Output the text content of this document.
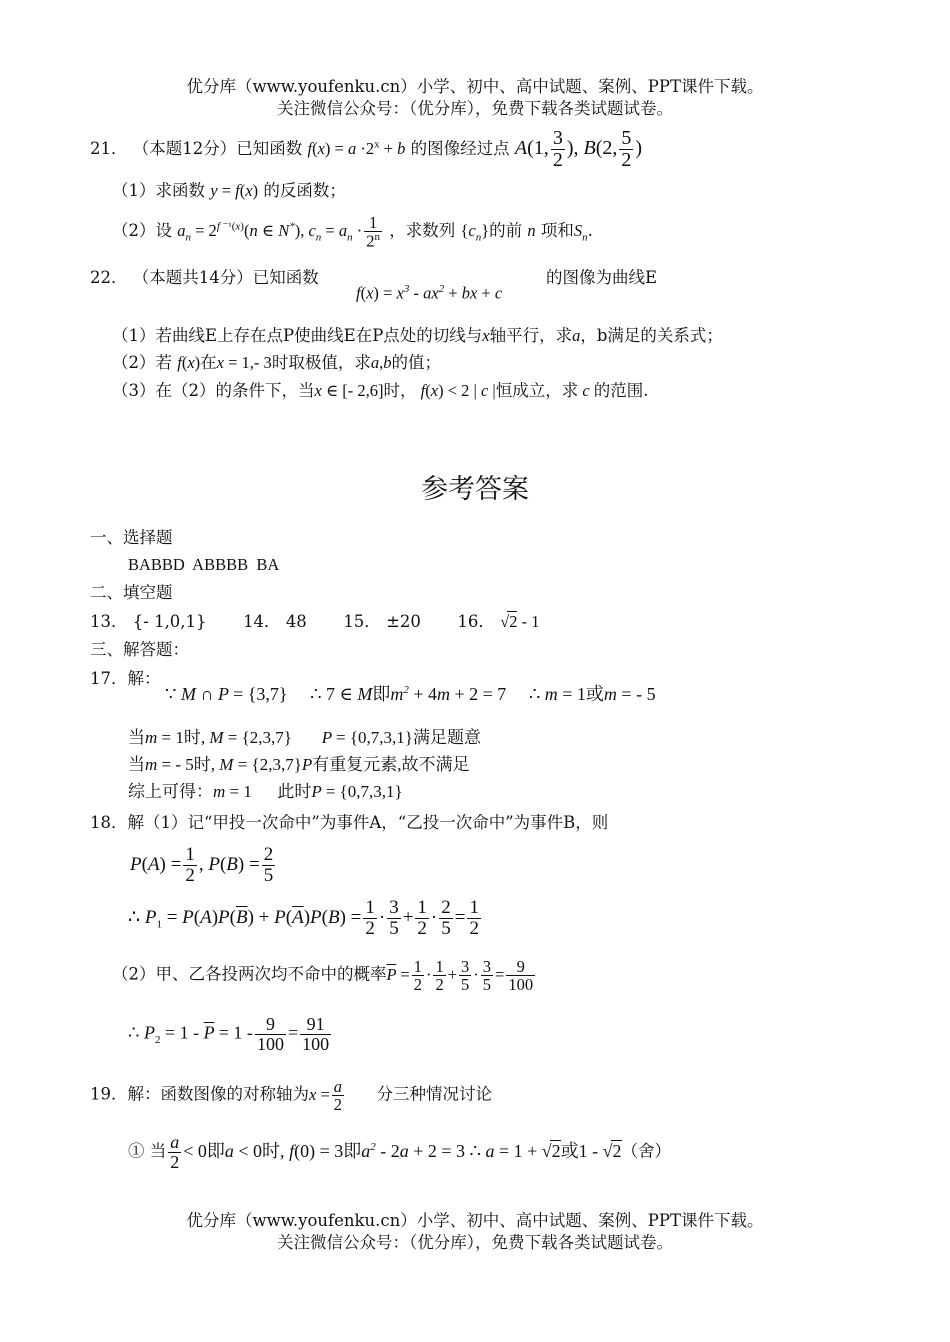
优分库（www.youfenku.cn）小学、初中、高中试题、案例、PPT课件下载。
关注微信公众号：（优分库），免费下载各类试题试卷。
21． （本题12分）已知函数 $f(x) = a \cdot 2^x + b$ 的图像经过点 A(1, $\frac{3}{2}$ ), B(2, $\frac{5}{2}$ )
（1）求函数 y = f(x) 的反函数；
（2）设 $a_n = 2^{f ^{-1}(x)}(n$ ∈ N*), $c_n = a_n \cdot \frac{1}{2^n}$ ，求数列 $\{c_n\}$的前 n 项和$S_n$.
22． （本题共14分）已知函数
$f(x) = x^3 - ax^2$ + bx + c
的图像为曲线E
（1）若曲线E上存在点P使曲线E在P点处的切线与x轴平行，求a，b满足的关系式；
（2）若 f(x)在x = 1,- 3时取极值，求a,b的值；
（3）在（2）的条件下，当x ∈ [- 2,6]时， f(x) < 2 | c |恒成立，求 c 的范围.
参考答案
一、选择题
BABBD  ABBBB  BA
二、填空题
13． {- 1,0,1} 14． 48 15． ±20 16． √2 - 1
三、解答题：
17．解：
∵ M ∩ P = {3,7} ∴ 7 ∈ M即$m^2 + 4m + 2 = 7$ ∴ m = 1或m = - 5
当m = 1时, M = {2,3,7}       P = {0,7,3,1}满足题意
当m = - 5时, M = {2,3,7}P有重复元素,故不满足
综上可得：m = 1 此时P = {0,7,3,1}
18．解（1）记“甲投一次命中”为事件A，“乙投一次命中”为事件B，则
$P(A) = \frac{1}{2}$ , $P(B) = \frac{2}{5}$
∴ $P_1 = P(A)P(\overline{B}) + P(\overline{A})P(B) = \frac{1}{2} \cdot \frac{3}{5} + \frac{1}{2} \cdot \frac{2}{5} = \frac{1}{2}$
（2）甲、乙各投两次均不命中的概率$\overline{P} = \frac{1}{2} \cdot \frac{1}{2} + \frac{3}{5} \cdot \frac{3}{5} = \frac{9}{100}$
∴ $P_2 = 1 - \overline{P} = 1 - \frac{9}{100} = \frac{91}{100}$
19．解：函数图像的对称轴为$x = \frac{a}{2}$ 分三种情况讨论
① 当 $\frac{a}{2} < 0$即a < 0时, f(0) = 3即$a^2 - 2a + 2 = 3$ ∴ a = 1 + √2或1 - √2（舍）
优分库（www.youfenku.cn）小学、初中、高中试题、案例、PPT课件下载。
关注微信公众号：（优分库），免费下载各类试题试卷。
